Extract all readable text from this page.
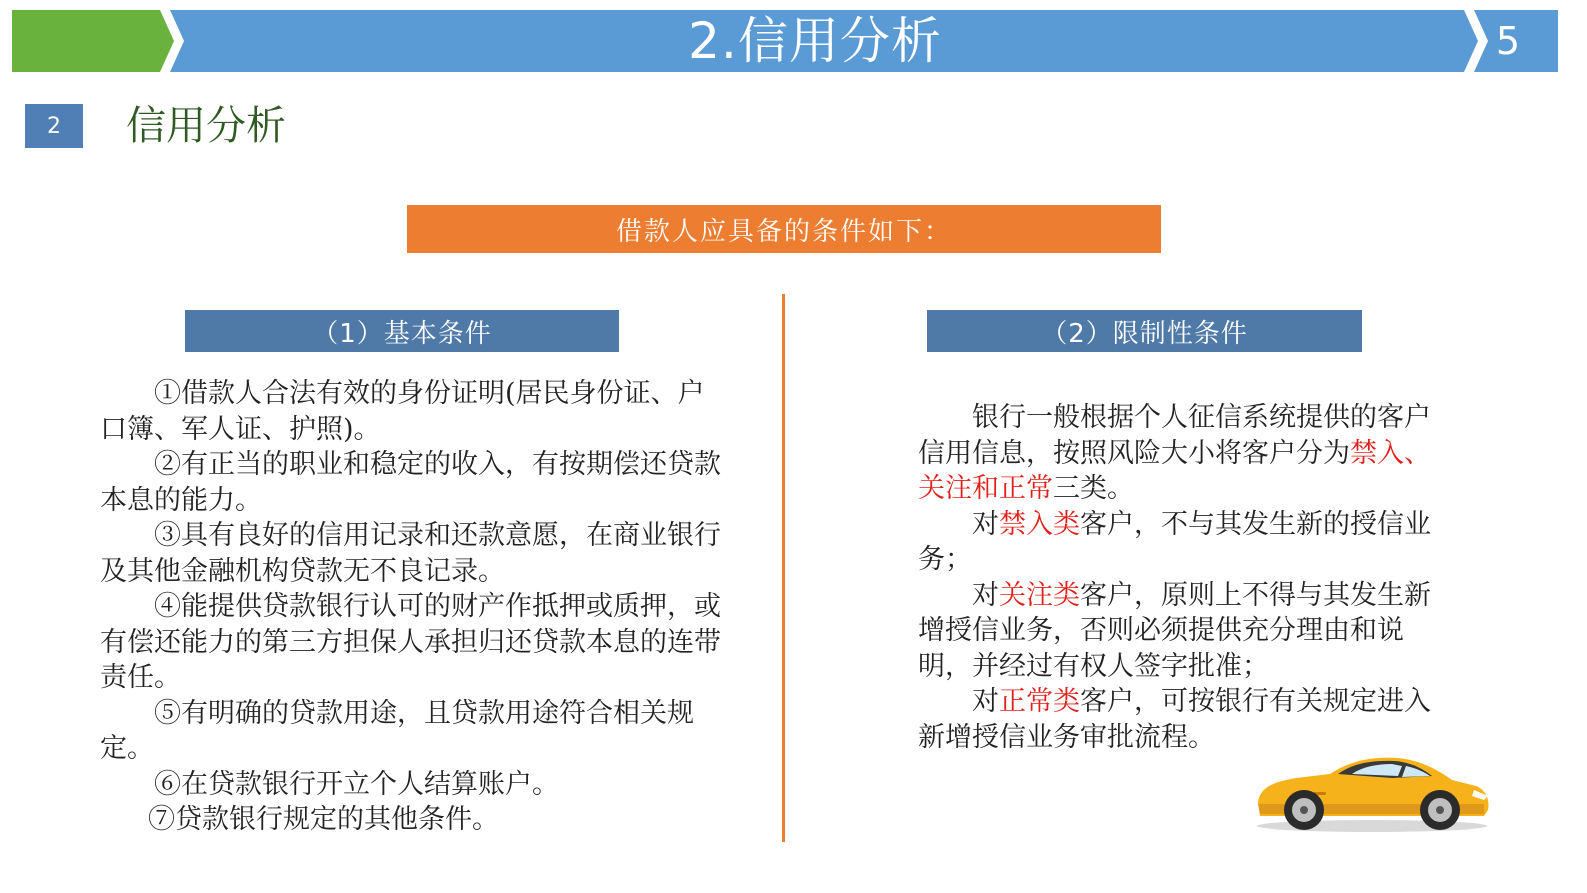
2.信用分析	5
2	信用分析
借款人应具备的条件如下：
（1）基本条件	（2）限制性条件

①借款人合法有效的身份证明(居民身份证、户口簿、军人证、护照)。

②有正当的职业和稳定的收入，有按期偿还贷款本息的能力。

③具有良好的信用记录和还款意愿，在商业银行及其他金融机构贷款无不良记录。

④能提供贷款银行认可的财产作抵押或质押，或有偿还能力的第三方担保人承担归还贷款本息的连带责任。

⑤有明确的贷款用途，且贷款用途符合相关规定。

⑥在贷款银行开立个人结算账户。

⑦贷款银行规定的其他条件。

银行一般根据个人征信系统提供的客户信用信息，按照风险大小将客户分为禁入、关注和正常三类。

对禁入类客户，不与其发生新的授信业务；

对关注类客户，原则上不得与其发生新增授信业务，否则必须提供充分理由和说明，并经过有权人签字批准；

对正常类客户，可按银行有关规定进入新增授信业务审批流程。
